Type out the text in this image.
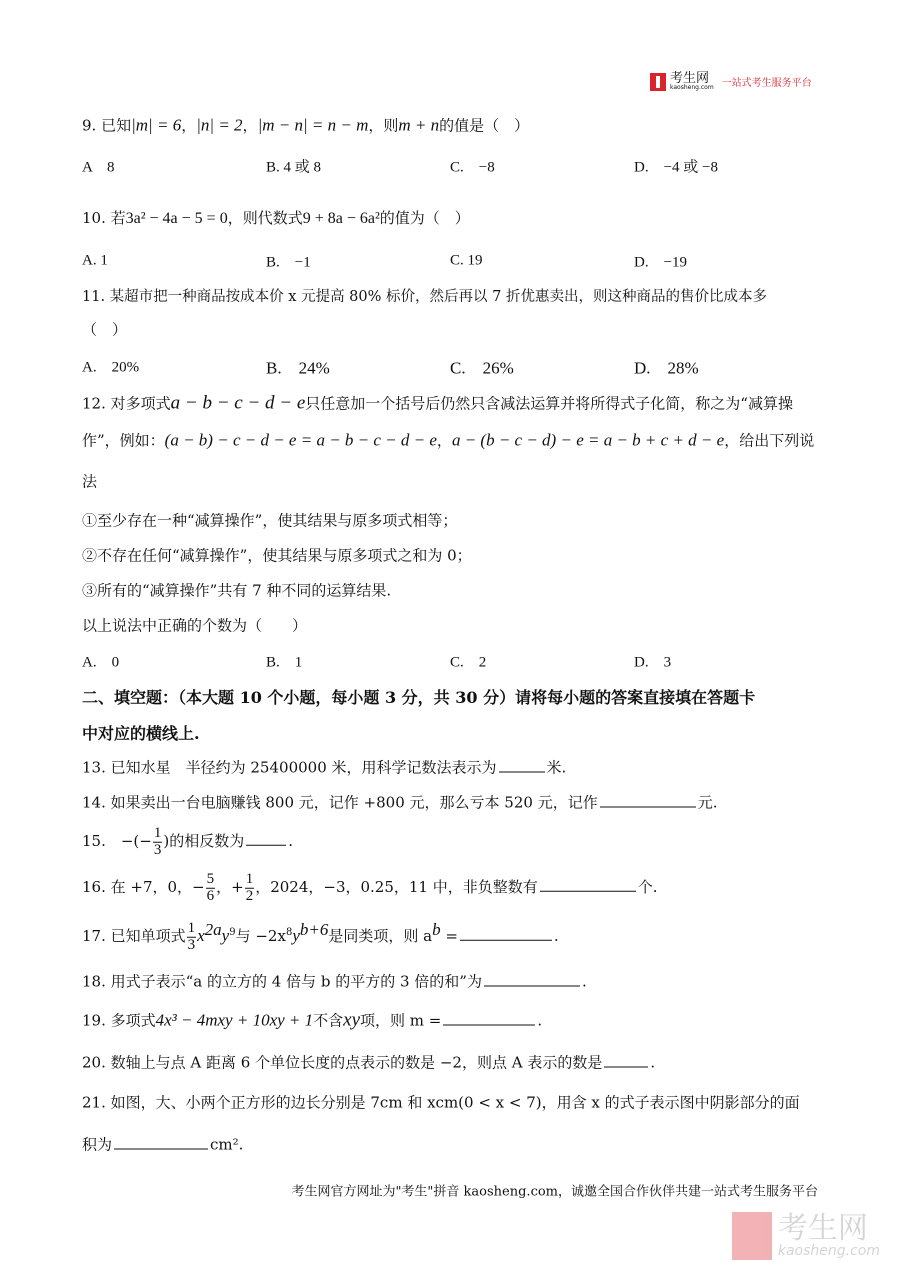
考生网
kaosheng.com 一站式考生服务平台
9. 已知|m| = 6，|n| = 2，|m − n| = n − m，则m + n的值是（　）
A　8	B. 4 或 8	C.　−8	D.　−4 或 −8
10. 若3a² − 4a − 5 = 0，则代数式9 + 8a − 6a²的值为（　）
A. 1	B.　−1	C. 19	D.　−19
11. 某超市把一种商品按成本价 x 元提高 80% 标价，然后再以 7 折优惠卖出，则这种商品的售价比成本多
（　）
A.　20%	B.　24%	C.　26%	D.　28%
12. 对多项式a − b − c − d − e只任意加一个括号后仍然只含减法运算并将所得式子化简，称之为“减算操
作”，例如：(a − b) − c − d − e = a − b − c − d − e，a − (b − c − d) − e = a − b + c + d − e，给出下列说
法
①至少存在一种“减算操作”，使其结果与原多项式相等；
②不存在任何“减算操作”，使其结果与原多项式之和为 0；
③所有的“减算操作”共有 7 种不同的运算结果.
以上说法中正确的个数为（　　）
A.　0	B.　1	C.　2	D.　3
二、填空题：（本大题 10 个小题，每小题 3 分，共 30 分）请将每小题的答案直接填在答题卡
中对应的横线上.
13. 已知水星　半径约为 25400000 米，用科学记数法表示为	米.
14. 如果卖出一台电脑赚钱 800 元，记作 +800 元，那么亏本 520 元，记作	元.
15.　−(− $\frac{1}{3}$ )的相反数为	.
16. 在 +7，0，− $\frac{5}{6}$ ，+ $\frac{1}{2}$ ，2024，−3，0.25，11 中，非负整数有	个.
17. 已知单项式 $\frac{1}{3} x^{2a}y^9$与 $-2x^8y^{b+6}$是同类项，则 $a^b$ =	.
18. 用式子表示“a 的立方的 4 倍与 b 的平方的 3 倍的和”为	.
19. 多项式4x³ − 4mxy + 10xy + 1不含xy项，则 m =	.
20. 数轴上与点 A 距离 6 个单位长度的点表示的数是 −2，则点 A 表示的数是	.
21. 如图，大、小两个正方形的边长分别是 7cm 和 xcm(0 < x < 7)，用含 x 的式子表示图中阴影部分的面
积为	cm².
考生网官方网址为"考生"拼音 kaosheng.com，诚邀全国合作伙伴共建一站式考生服务平台
考生网
kaosheng.com
